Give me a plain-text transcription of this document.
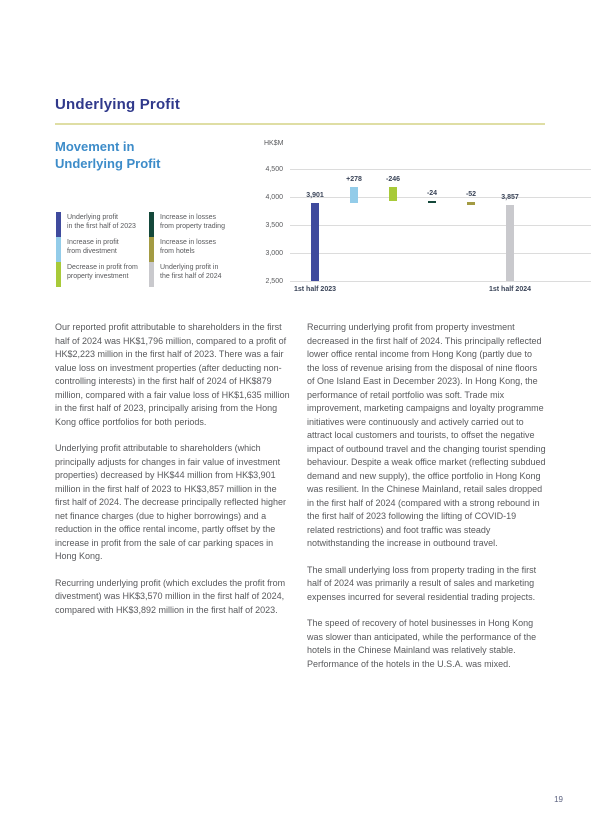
Underlying Profit
Movement in
Underlying Profit
Underlying profit
in the first half of 2023
Increase in profit
from divestment
Decrease in profit from
property investment
Increase in losses
from property trading
Increase in losses
from hotels
Underlying profit in
the first half of 2024
HK$M
2,500
3,000
3,500
4,000
4,500
3,901
1st half 2023
+278	-246
-24	-52	3,857
1st half 2024

Our reported profit attributable to shareholders in the first half of 2024 was HK$1,796 million, compared to a profit of HK$2,223 million in the first half of 2023. There was a fair value loss on investment properties (after deducting non-controlling interests) in the first half of 2024 of HK$879 million, compared with a fair value loss of HK$1,635 million in the first half of 2023, principally arising from the Hong Kong office portfolios for both periods.

Underlying profit attributable to shareholders (which principally adjusts for changes in fair value of investment properties) decreased by HK$44 million from HK$3,901 million in the first half of 2023 to HK$3,857 million in the first half of 2024. The decrease principally reflected higher net finance charges (due to higher borrowings) and a reduction in the office rental income, partly offset by the increase in profit from the sale of car parking spaces in Hong Kong.

Recurring underlying profit (which excludes the profit from divestment) was HK$3,570 million in the first half of 2024, compared with HK$3,892 million in the first half of 2023.

Recurring underlying profit from property investment decreased in the first half of 2024. This principally reflected lower office rental income from Hong Kong (partly due to the loss of revenue arising from the disposal of nine floors of One Island East in December 2023). In Hong Kong, the performance of retail portfolio was soft. Trade mix improvement, marketing campaigns and loyalty programme initiatives were continuously and actively carried out to attract local customers and tourists, to offset the negative impact of outbound travel and the changing tourist spending behaviour. Despite a weak office market (reflecting subdued demand and new supply), the office portfolio in Hong Kong was resilient. In the Chinese Mainland, retail sales dropped in the first half of 2024 (compared with a strong rebound in the first half of 2023 following the lifting of COVID-19 related restrictions) and foot traffic was steady notwithstanding the increase in outbound travel.

The small underlying loss from property trading in the first half of 2024 was primarily a result of sales and marketing expenses incurred for several residential trading projects.

The speed of recovery of hotel businesses in Hong Kong was slower than anticipated, while the performance of the hotels in the Chinese Mainland was relatively stable. Performance of the hotels in the U.S.A. was mixed.

19
